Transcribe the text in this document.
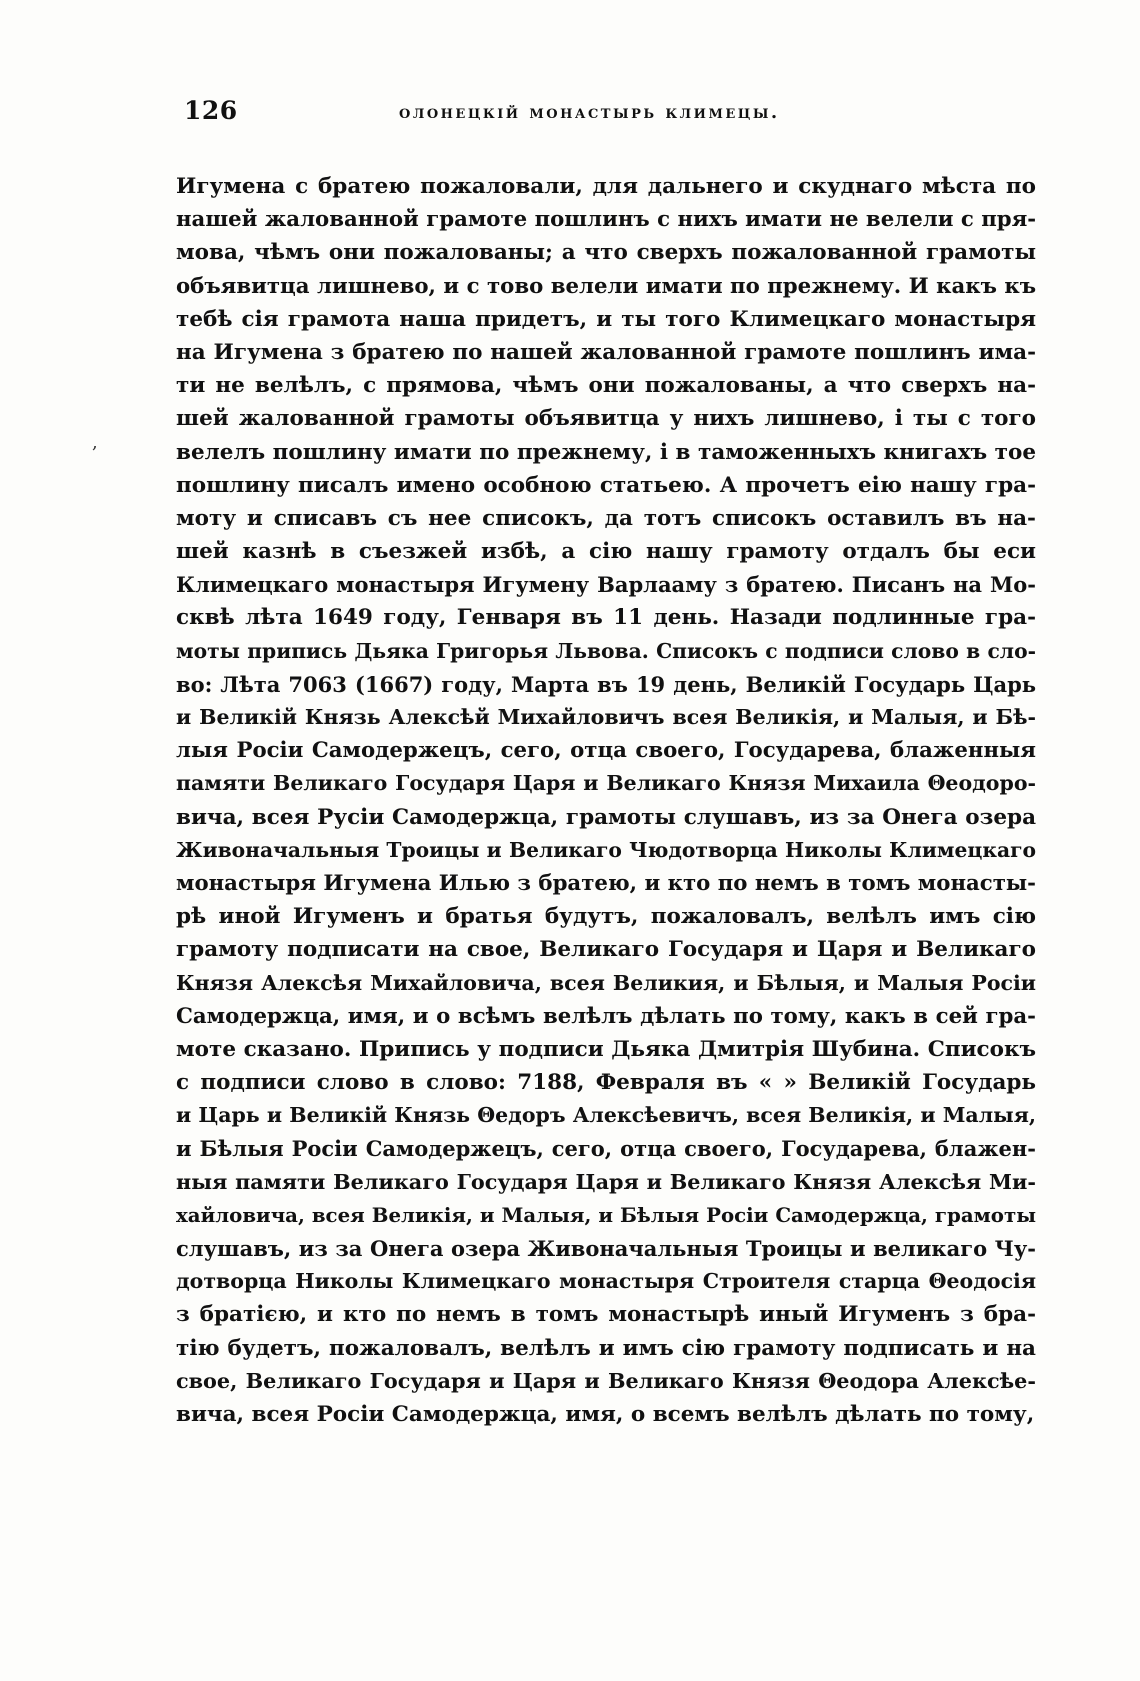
126	олонецкій монастырь климецы.
,
Игумена с братею пожаловали, для дальнего и скуднаго мѣста по
нашей жалованной грамоте пошлинъ с нихъ имати не велели с пря-
мова, чѣмъ они пожалованы; а что сверхъ пожалованной грамоты
объявитца лишнево, и с тово велели имати по прежнему. И какъ къ
тебѣ сія грамота наша придетъ, и ты того Климецкаго монастыря
на Игумена з братею по нашей жалованной грамоте пошлинъ има-
ти не велѣлъ, с прямова, чѣмъ они пожалованы, а что сверхъ на-
шей жалованной грамоты объявитца у нихъ лишнево, і ты с того
велелъ пошлину имати по прежнему, і в таможенныхъ книгахъ тое
пошлину писалъ имено особною статьею. А прочетъ еію нашу гра-
моту и списавъ съ нее списокъ, да тотъ списокъ оставилъ въ на-
шей казнѣ в съезжей избѣ, а сію нашу грамоту отдалъ бы еси
Климецкаго монастыря Игумену Варлааму з братею. Писанъ на Мо-
сквѣ лѣта 1649 году, Генваря въ 11 день. Назади подлинные гра-
моты припись Дьяка Григорья Львова. Списокъ с подписи слово в сло-
во: Лѣта 7063 (1667) году, Марта въ 19 день, Великій Государь Царь
и Великій Князь Алексѣй Михайловичъ всея Великія, и Малыя, и Бѣ-
лыя Росіи Самодержецъ, сего, отца своего, Государева, блаженныя
памяти Великаго Государя Царя и Великаго Князя Михаила Θеодоро-
вича, всея Русіи Самодержца, грамоты слушавъ, из за Онега озера
Живоначальныя Троицы и Великаго Чюдотворца Николы Климецкаго
монастыря Игумена Илью з братею, и кто по немъ в томъ монасты-
рѣ иной Игуменъ и братья будутъ, пожаловалъ, велѣлъ имъ сію
грамоту подписати на свое, Великаго Государя и Царя и Великаго
Князя Алексѣя Михайловича, всея Великия, и Бѣлыя, и Малыя Росіи
Самодержца, имя, и о всѣмъ велѣлъ дѣлать по тому, какъ в сей гра-
моте сказано. Припись у подписи Дьяка Дмитрія Шубина. Списокъ
с подписи слово в слово: 7188, Февраля въ « » Великій Государь
и Царь и Великій Князь Θедоръ Алексѣевичъ, всея Великія, и Малыя,
и Бѣлыя Росіи Самодержецъ, сего, отца своего, Государева, блажен-
ныя памяти Великаго Государя Царя и Великаго Князя Алексѣя Ми-
хайловича, всея Великія, и Малыя, и Бѣлыя Росіи Самодержца, грамоты
слушавъ, из за Онега озера Живоначальныя Троицы и великаго Чу-
дотворца Николы Климецкаго монастыря Строителя старца Θеодосія
з братією, и кто по немъ в томъ монастырѣ иный Игуменъ з бра-
тію будетъ, пожаловалъ, велѣлъ и имъ сію грамоту подписать и на
свое, Великаго Государя и Царя и Великаго Князя Θеодора Алексѣе-
вича, всея Росіи Самодержца, имя, о всемъ велѣлъ дѣлать по тому,
